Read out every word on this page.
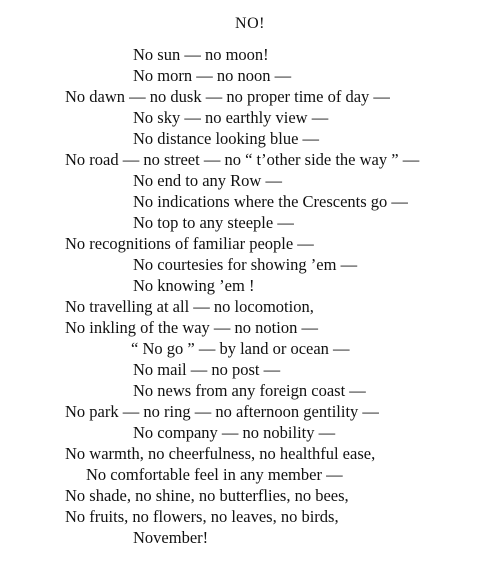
NO!
No sun — no moon!
No morn — no noon —
No dawn — no dusk — no proper time of day —
No sky — no earthly view —
No distance looking blue —
No road — no street — no “ t’other side the way ” —
No end to any Row —
No indications where the Crescents go —
No top to any steeple —
No recognitions of familiar people —
No courtesies for showing ’em —
No knowing ’em !
No travelling at all — no locomotion,
No inkling of the way — no notion —
“ No go ” — by land or ocean —
No mail — no post —
No news from any foreign coast —
No park — no ring — no afternoon gentility —
No company — no nobility —
No warmth, no cheerfulness, no healthful ease,
No comfortable feel in any member —
No shade, no shine, no butterflies, no bees,
No fruits, no flowers, no leaves, no birds,
November!
